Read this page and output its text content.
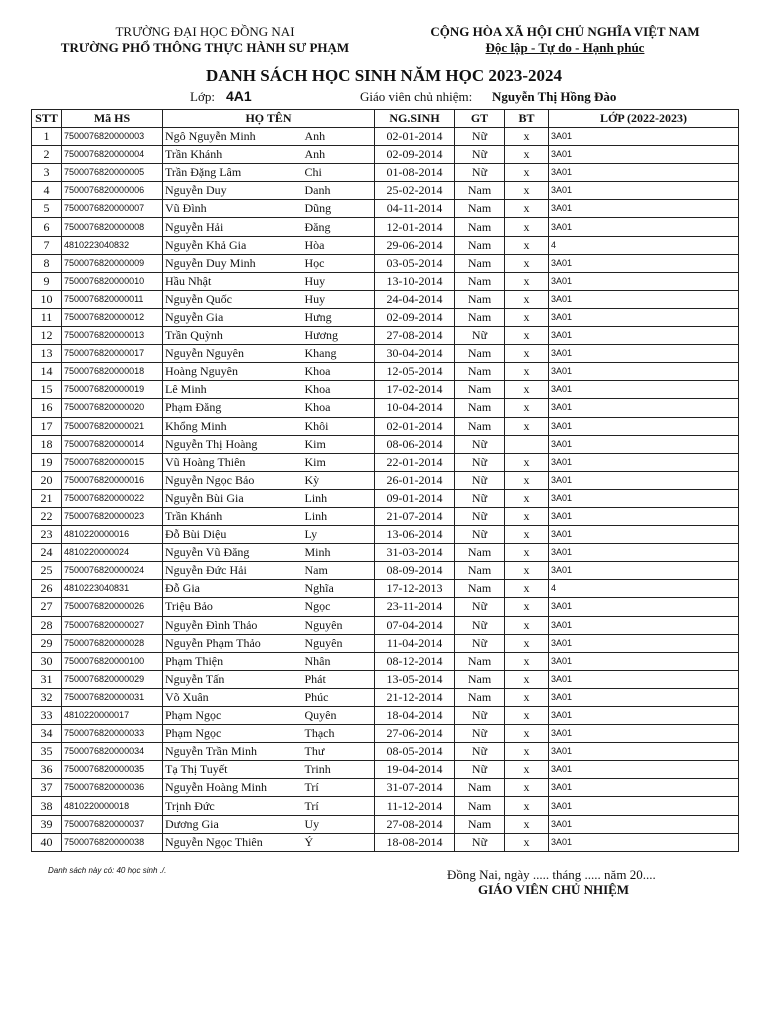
TRƯỜNG ĐẠI HỌC ĐỒNG NAI
TRƯỜNG PHỔ THÔNG THỰC HÀNH SƯ PHẠM
CỘNG HÒA XÃ HỘI CHỦ NGHĨA VIỆT NAM
Độc lập - Tự do - Hạnh phúc
DANH SÁCH HỌC SINH NĂM HỌC 2023-2024
Lớp: 4A1	Giáo viên chủ nhiệm: Nguyễn Thị Hồng Đào
STT	Mã HS	HỌ TÊN		NG.SINH	GT	BT	LỚP (2022-2023)
1	7500076820000003	Ngô Nguyễn Minh	Anh	02-01-2014	Nữ	x	3A01
2	7500076820000004	Trần Khánh	Anh	02-09-2014	Nữ	x	3A01
3	7500076820000005	Trần Đặng Lâm	Chi	01-08-2014	Nữ	x	3A01
4	7500076820000006	Nguyễn Duy	Danh	25-02-2014	Nam	x	3A01
5	7500076820000007	Vũ Đình	Dũng	04-11-2014	Nam	x	3A01
6	7500076820000008	Nguyễn Hải	Đăng	12-01-2014	Nam	x	3A01
7	4810223040832	Nguyễn Khả Gia	Hòa	29-06-2014	Nam	x	4
8	7500076820000009	Nguyễn Duy Minh	Học	03-05-2014	Nam	x	3A01
9	7500076820000010	Hầu Nhật	Huy	13-10-2014	Nam	x	3A01
10	7500076820000011	Nguyễn Quốc	Huy	24-04-2014	Nam	x	3A01
11	7500076820000012	Nguyễn Gia	Hưng	02-09-2014	Nam	x	3A01
12	7500076820000013	Trần Quỳnh	Hương	27-08-2014	Nữ	x	3A01
13	7500076820000017	Nguyễn Nguyên	Khang	30-04-2014	Nam	x	3A01
14	7500076820000018	Hoàng Nguyên	Khoa	12-05-2014	Nam	x	3A01
15	7500076820000019	Lê Minh	Khoa	17-02-2014	Nam	x	3A01
16	7500076820000020	Phạm Đăng	Khoa	10-04-2014	Nam	x	3A01
17	7500076820000021	Khổng Minh	Khôi	02-01-2014	Nam	x	3A01
18	7500076820000014	Nguyễn Thị Hoàng	Kim	08-06-2014	Nữ		3A01
19	7500076820000015	Vũ Hoàng Thiên	Kim	22-01-2014	Nữ	x	3A01
20	7500076820000016	Nguyễn Ngọc Bảo	Kỳ	26-01-2014	Nữ	x	3A01
21	7500076820000022	Nguyễn Bùi Gia	Linh	09-01-2014	Nữ	x	3A01
22	7500076820000023	Trần Khánh	Linh	21-07-2014	Nữ	x	3A01
23	4810220000016	Đỗ Bùi Diệu	Ly	13-06-2014	Nữ	x	3A01
24	4810220000024	Nguyễn Vũ Đăng	Minh	31-03-2014	Nam	x	3A01
25	7500076820000024	Nguyễn Đức Hải	Nam	08-09-2014	Nam	x	3A01
26	4810223040831	Đỗ Gia	Nghĩa	17-12-2013	Nam	x	4
27	7500076820000026	Triệu Bảo	Ngọc	23-11-2014	Nữ	x	3A01
28	7500076820000027	Nguyễn Đình Thảo	Nguyên	07-04-2014	Nữ	x	3A01
29	7500076820000028	Nguyễn Phạm Thảo	Nguyên	11-04-2014	Nữ	x	3A01
30	7500076820000100	Phạm Thiện	Nhân	08-12-2014	Nam	x	3A01
31	7500076820000029	Nguyễn Tấn	Phát	13-05-2014	Nam	x	3A01
32	7500076820000031	Võ Xuân	Phúc	21-12-2014	Nam	x	3A01
33	4810220000017	Phạm Ngọc	Quyên	18-04-2014	Nữ	x	3A01
34	7500076820000033	Phạm Ngọc	Thạch	27-06-2014	Nữ	x	3A01
35	7500076820000034	Nguyễn Trần Minh	Thư	08-05-2014	Nữ	x	3A01
36	7500076820000035	Tạ Thị Tuyết	Trinh	19-04-2014	Nữ	x	3A01
37	7500076820000036	Nguyễn Hoàng Minh	Trí	31-07-2014	Nam	x	3A01
38	4810220000018	Trịnh Đức	Trí	11-12-2014	Nam	x	3A01
39	7500076820000037	Dương Gia	Uy	27-08-2014	Nam	x	3A01
40	7500076820000038	Nguyễn Ngọc Thiên	Ý	18-08-2014	Nữ	x	3A01
Danh sách này có: 40 học sinh ./.	Đồng Nai, ngày ..... tháng ..... năm 20....
GIÁO VIÊN CHỦ NHIỆM
